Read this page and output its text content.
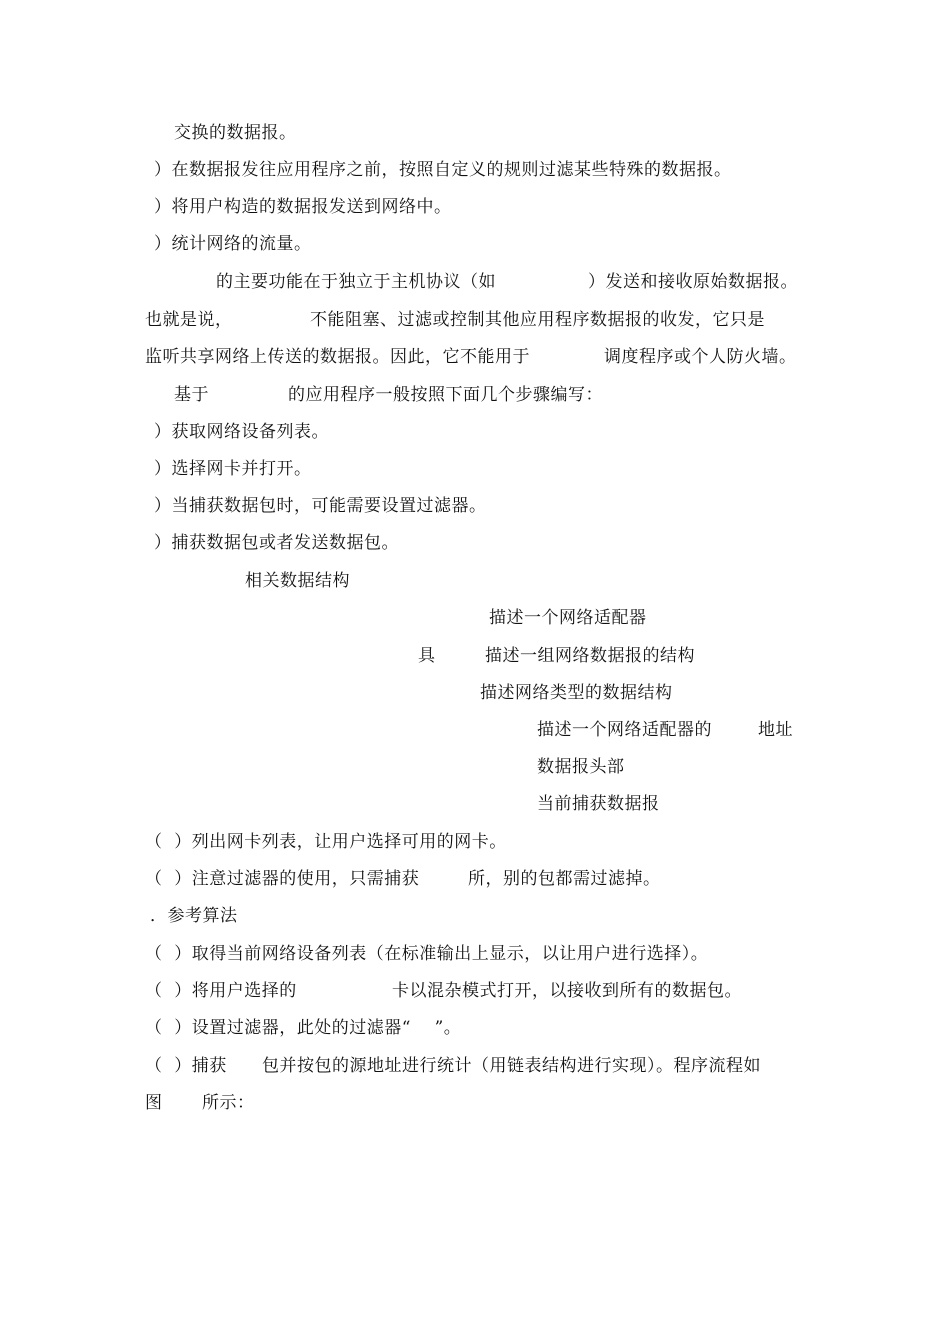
交换的数据报。
）在数据报发往应用程序之前，按照自定义的规则过滤某些特殊的数据报。
）将用户构造的数据报发送到网络中。
）统计网络的流量。
的主要功能在于独立于主机协议（如	）发送和接收原始数据报。
也就是说，	不能阻塞、过滤或控制其他应用程序数据报的收发，它只是
监听共享网络上传送的数据报。因此，它不能用于	调度程序或个人防火墙。
基于	的应用程序一般按照下面几个步骤编写：
）获取网络设备列表。
）选择网卡并打开。
）当捕获数据包时，可能需要设置过滤器。
）捕获数据包或者发送数据包。
相关数据结构
描述一个网络适配器
具	描述一组网络数据报的结构
描述网络类型的数据结构
描述一个网络适配器的	地址
数据报头部
当前捕获数据报
（  ）列出网卡列表，让用户选择可用的网卡。
（  ）注意过滤器的使用，只需捕获	所，别的包都需过滤掉。
．参考算法
（  ）取得当前网络设备列表（在标准输出上显示，以让用户进行选择）。
（  ）将用户选择的	卡以混杂模式打开，以接收到所有的数据包。
（  ）设置过滤器，此处的过滤器“    ”。
（  ）捕获 包并按包的源地址进行统计（用链表结构进行实现）。程序流程如
图 所示：
